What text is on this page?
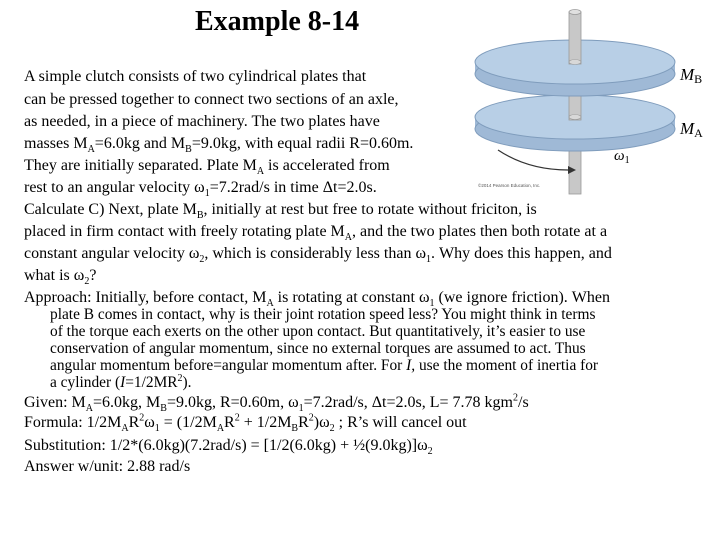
Example 8-14
MB
MA
$\omega_1$
©2014 Pearson Education, Inc.
A simple clutch consists of two cylindrical plates that
can be pressed together to connect two sections of an axle,
as needed, in a piece of machinery. The two plates have
masses $M_A=6.0kg$ and $M_B=9.0kg$, with equal radii R=0.60m.
They are initially separated. Plate $M_A$ is accelerated from
rest to an angular velocity $\omega_1=7.2rad/s$ in time Δt=2.0s.
Calculate C) Next, plate $M_B$, initially at rest but free to rotate without friciton, is
placed in firm contact with freely rotating plate $M_A$, and the two plates then both rotate at a
constant angular velocity $\omega_2$, which is considerably less than $\omega_1$. Why does this happen, and
what is $\omega_2$?
Approach: Initially, before contact, $M_A$ is rotating at constant $\omega_1$ (we ignore friction). When
plate B comes in contact, why is their joint rotation speed less? You might think in terms
of the torque each exerts on the other upon contact. But quantitatively, it’s easier to use
conservation of angular momentum, since no external torques are assumed to act. Thus
angular momentum before=angular momentum after. For I, use the moment of inertia for
a cylinder $(I=1/2MR^2)$.
Given: $M_A=6.0kg$, $M_B=9.0kg$, R=0.60m, $\omega_1=7.2rad/s$, Δt=2.0s, L= 7.78 kgm$^2$/s
Formula: $1/2M_AR^2\omega_1 = (1/2M_AR^2 + 1/2M_BR^2)\omega_2$ ; R’s will cancel out
Substitution: $1/2*(6.0kg)(7.2rad/s) = [1/2(6.0kg) + \frac{1}{2}(9.0kg)]\omega_2$
Answer w/unit: 2.88 rad/s
